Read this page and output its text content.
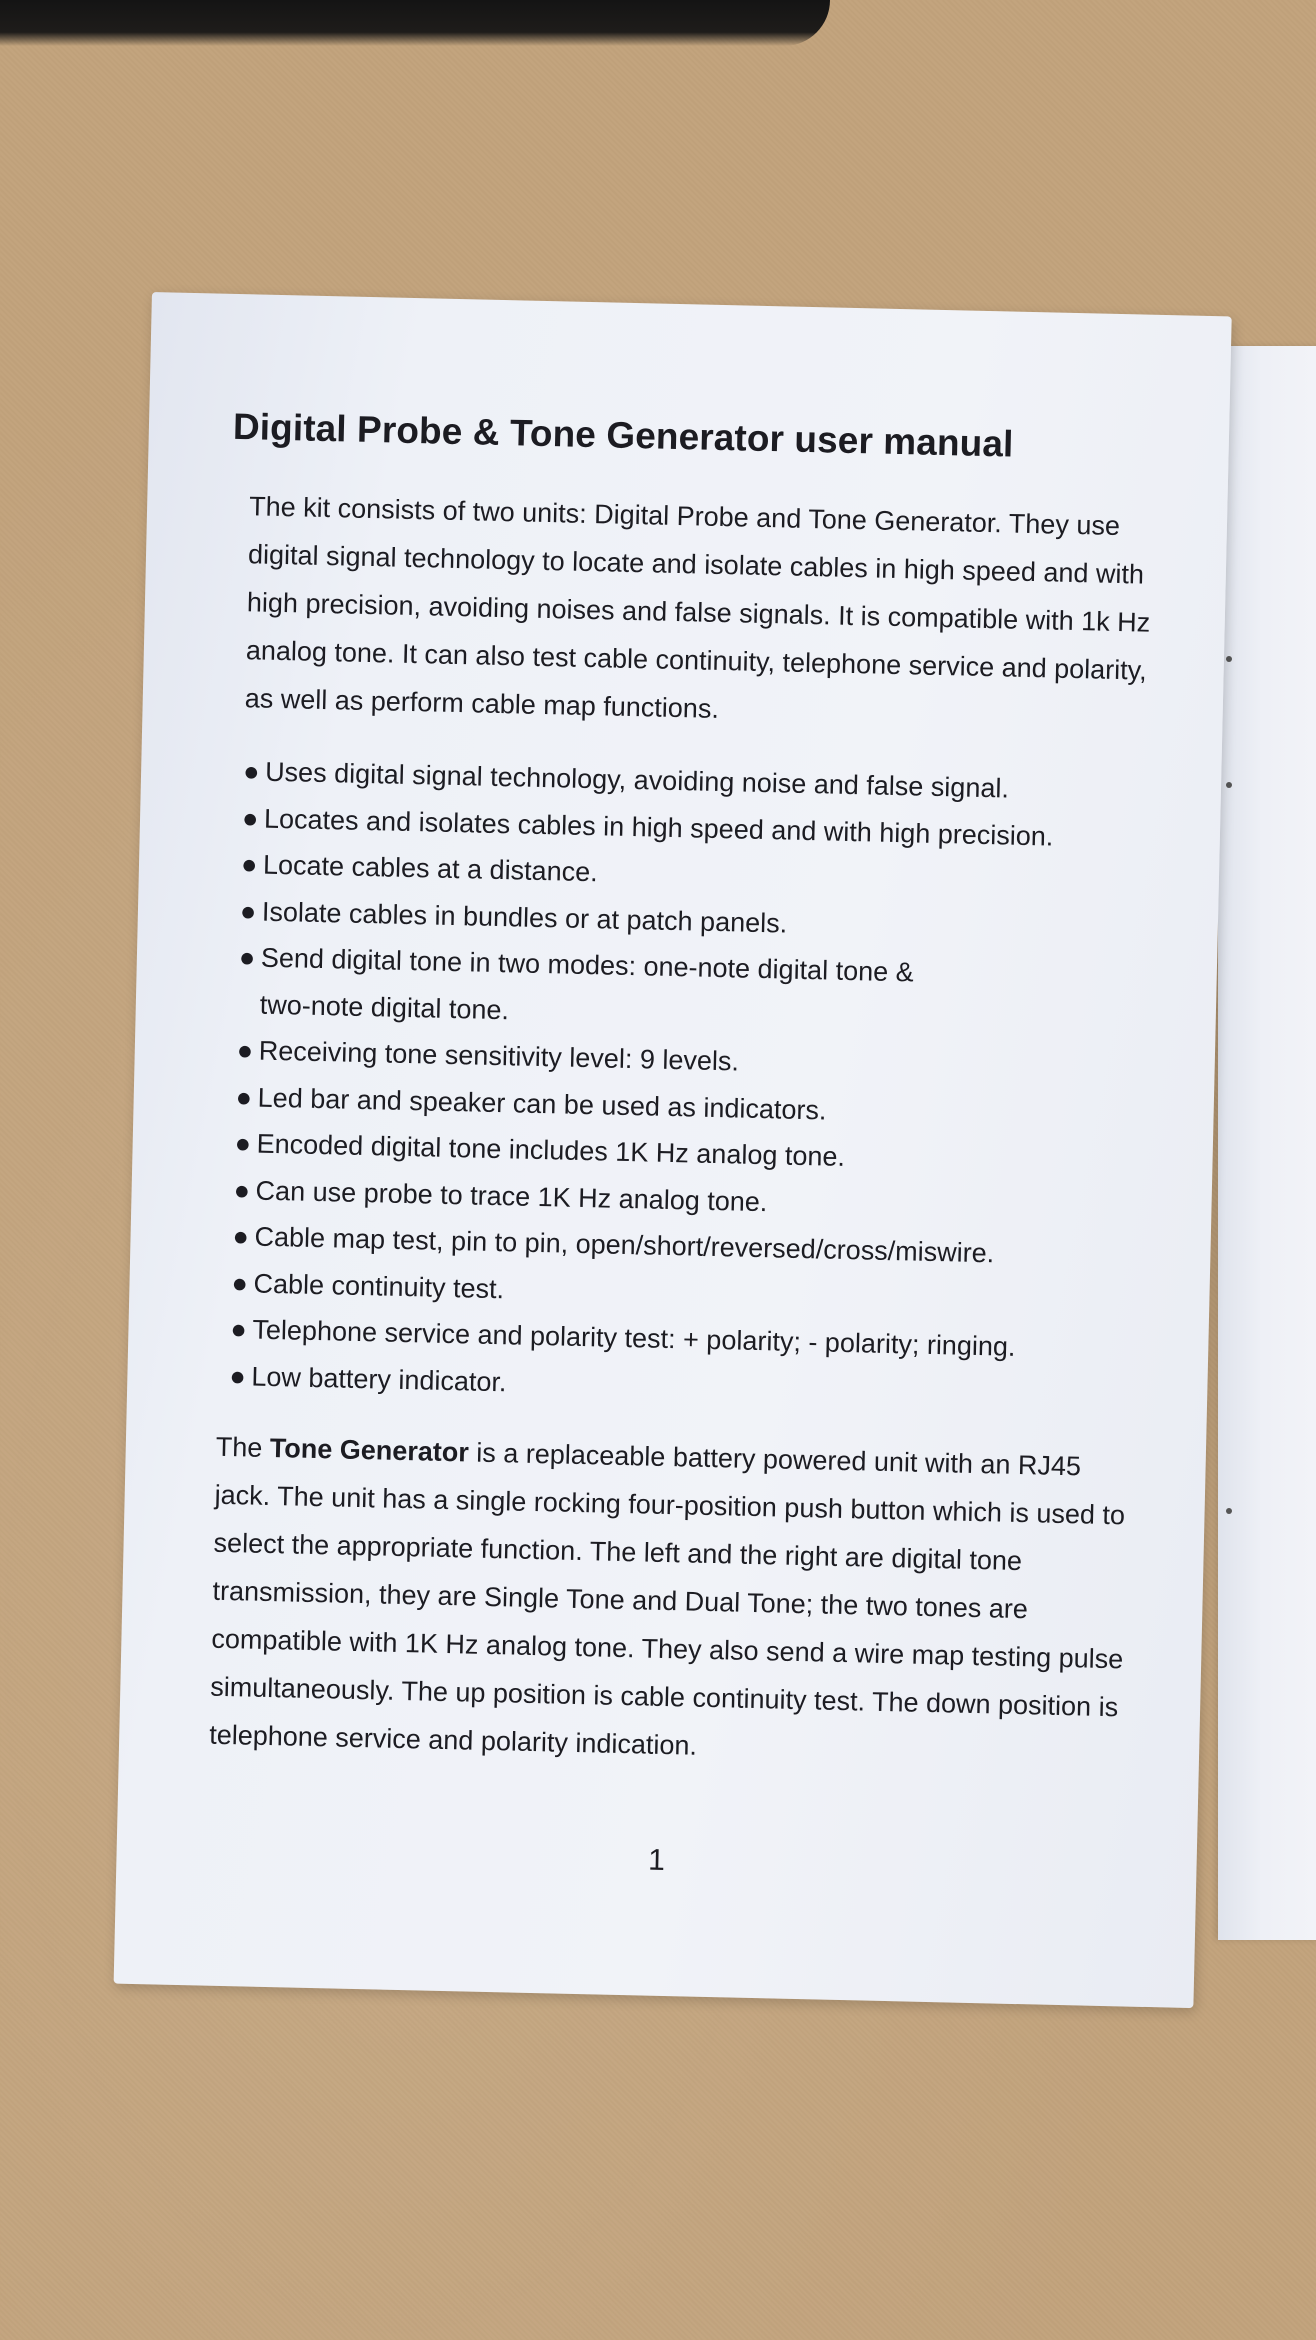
Digital Probe & Tone Generator user manual

The kit consists of two units: Digital Probe and Tone Generator. They use digital signal technology to locate and isolate cables in high speed and with high precision, avoiding noises and false signals. It is compatible with 1k Hz analog tone. It can also test cable continuity, telephone service and polarity, as well as perform cable map functions.

● Uses digital signal technology, avoiding noise and false signal.
● Locates and isolates cables in high speed and with high precision.
● Locate cables at a distance.
● Isolate cables in bundles or at patch panels.
● Send digital tone in two modes: one-note digital tone &
two-note digital tone.
● Receiving tone sensitivity level: 9 levels.
● Led bar and speaker can be used as indicators.
● Encoded digital tone includes 1K Hz analog tone.
● Can use probe to trace 1K Hz analog tone.
● Cable map test, pin to pin, open/short/reversed/cross/miswire.
● Cable continuity test.
● Telephone service and polarity test: + polarity; - polarity; ringing.
● Low battery indicator.

The Tone Generator is a replaceable battery powered unit with an RJ45 jack. The unit has a single rocking four-position push button which is used to select the appropriate function. The left and the right are digital tone transmission, they are Single Tone and Dual Tone; the two tones are compatible with 1K Hz analog tone. They also send a wire map testing pulse simultaneously. The up position is cable continuity test. The down position is telephone service and polarity indication.

1
